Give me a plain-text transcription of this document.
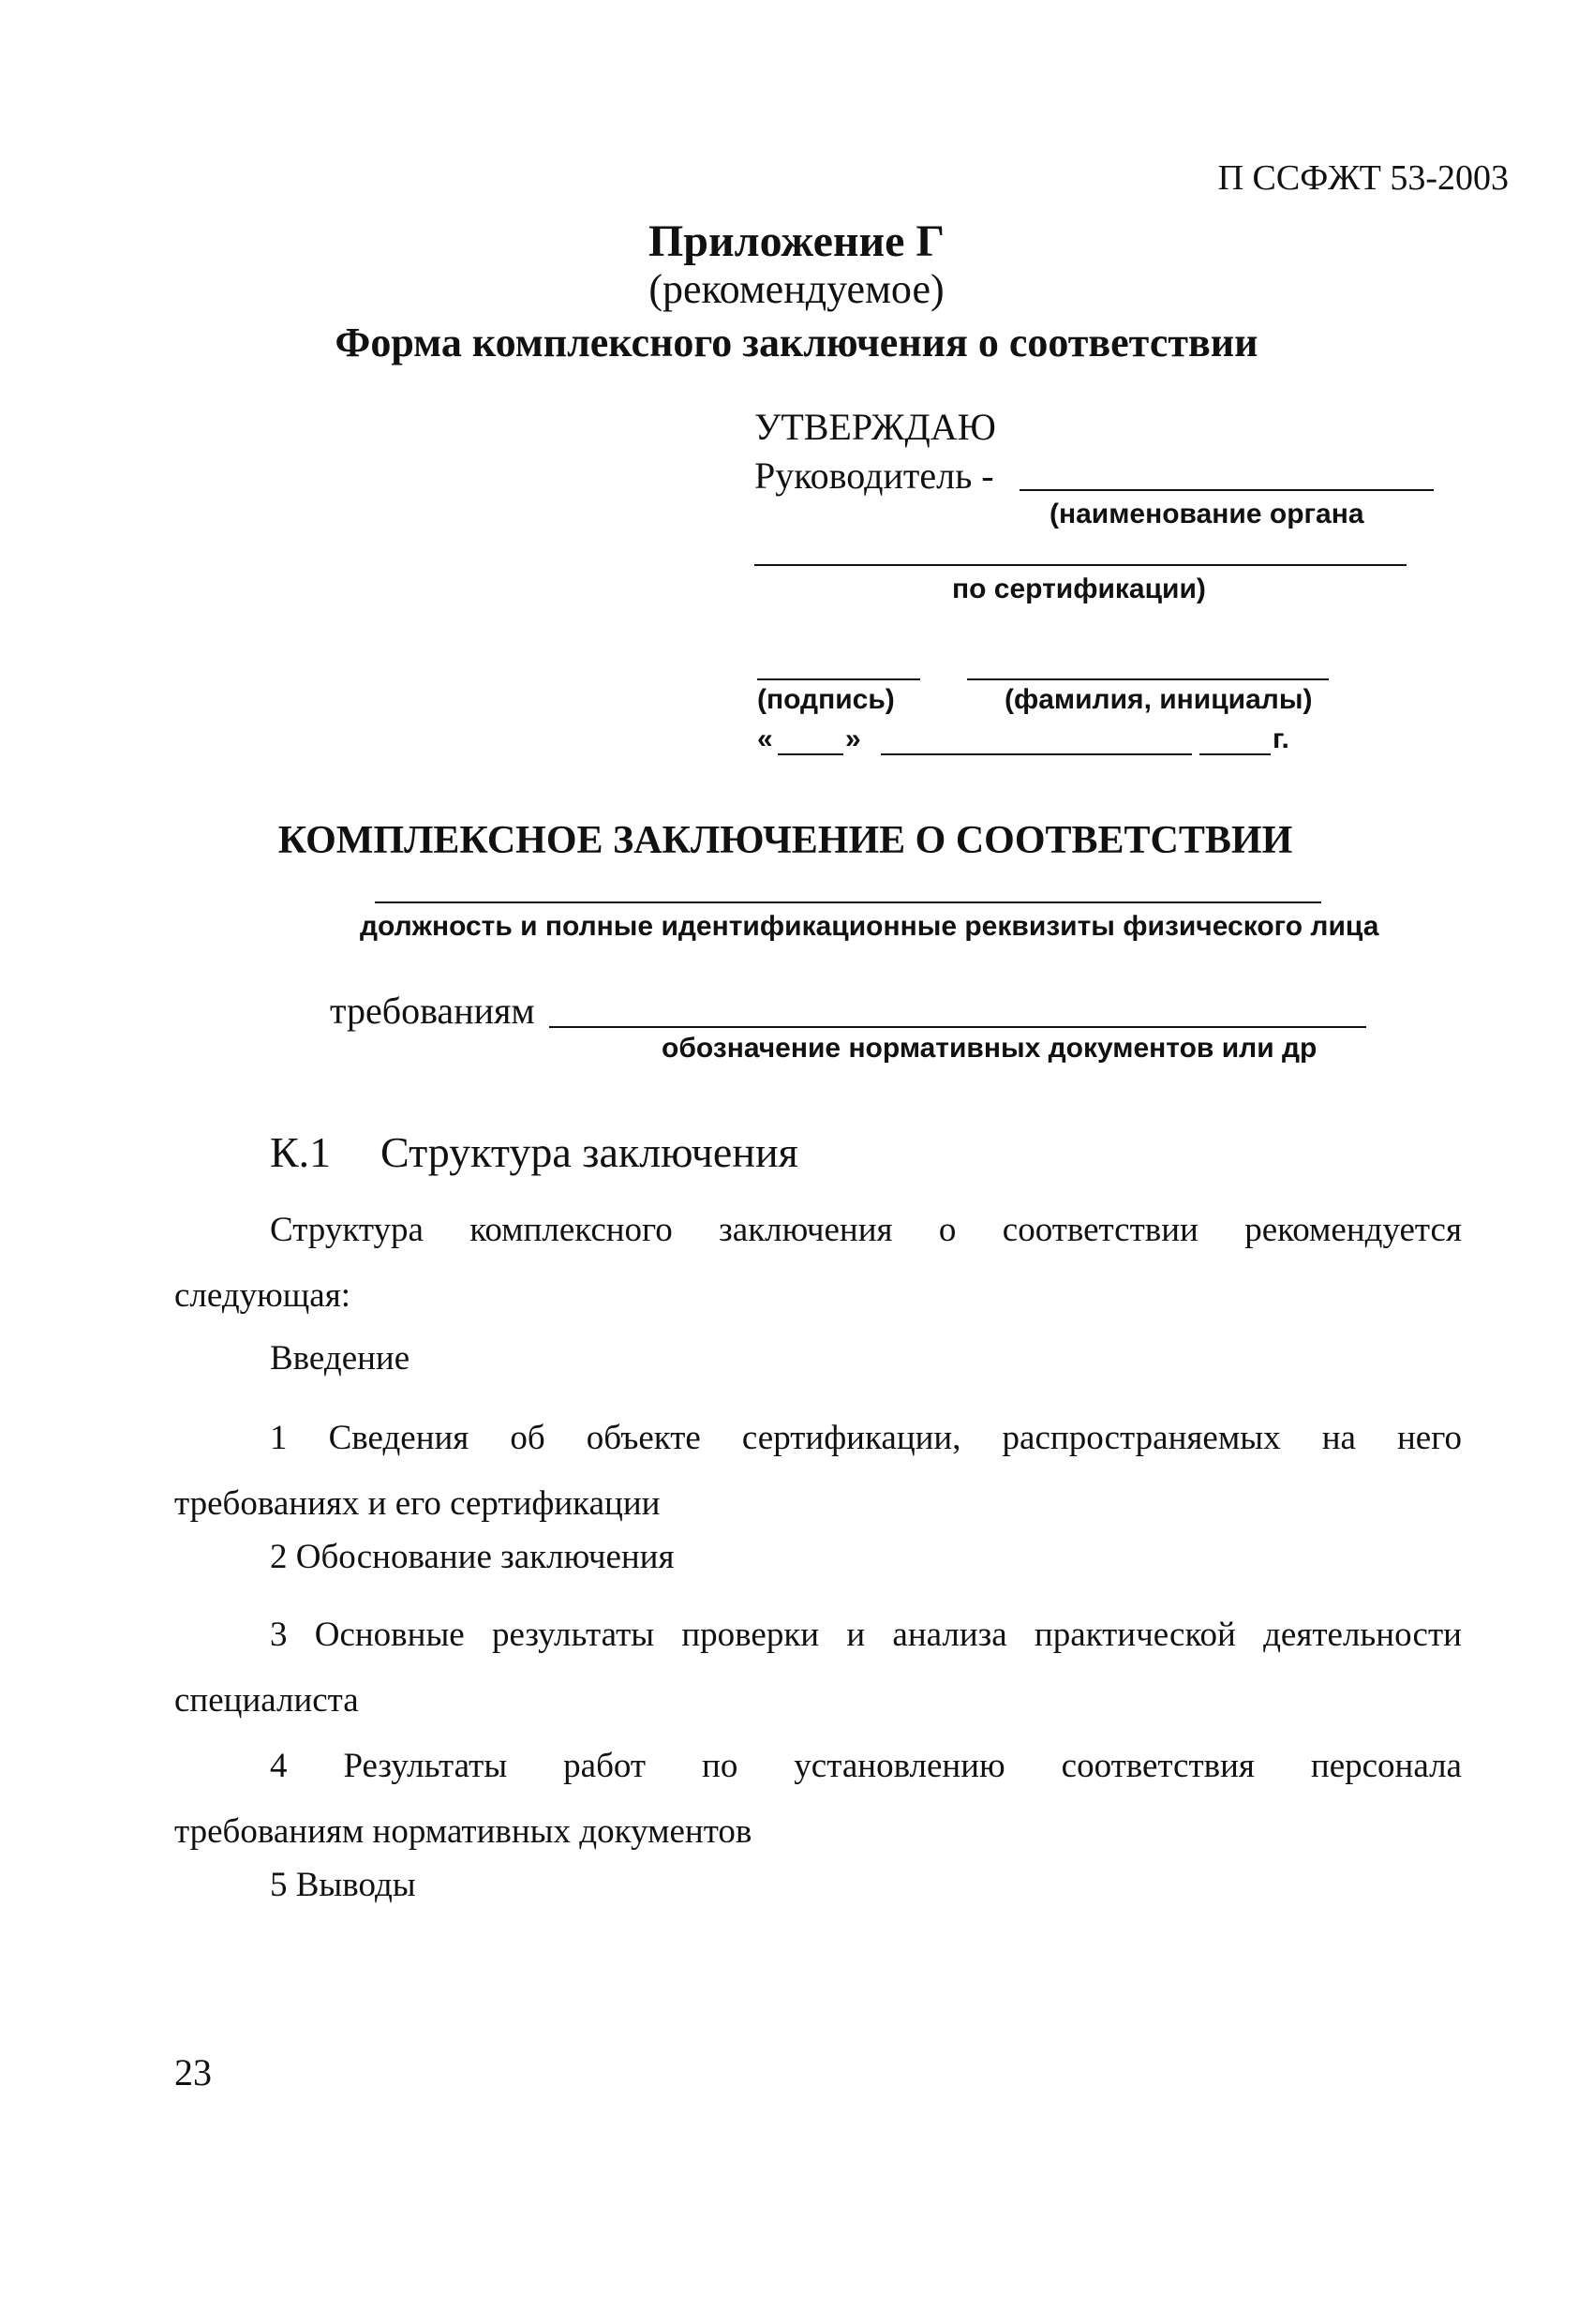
П ССФЖТ 53-2003
Приложение Г
(рекомендуемое)
Форма комплексного заключения о соответствии
УТВЕРЖДАЮ
Руководитель -
(наименование органа
по сертификации)
(подпись)	(фамилия, инициалы)
«	»	г.
КОМПЛЕКСНОЕ ЗАКЛЮЧЕНИЕ О СООТВЕТСТВИИ
должность и полные идентификационные реквизиты физического лица
требованиям
обозначение нормативных документов или др
К.1 Структура заключения
Структура комплексного заключения о соответствии рекомендуется
следующая:
Введение
1 Сведения об объекте сертификации, распространяемых на него
требованиях и его сертификации
2 Обоснование заключения
3 Основные результаты проверки и анализа практической деятельности
специалиста
4 Результаты работ по установлению соответствия персонала
требованиям нормативных документов
5 Выводы
23
